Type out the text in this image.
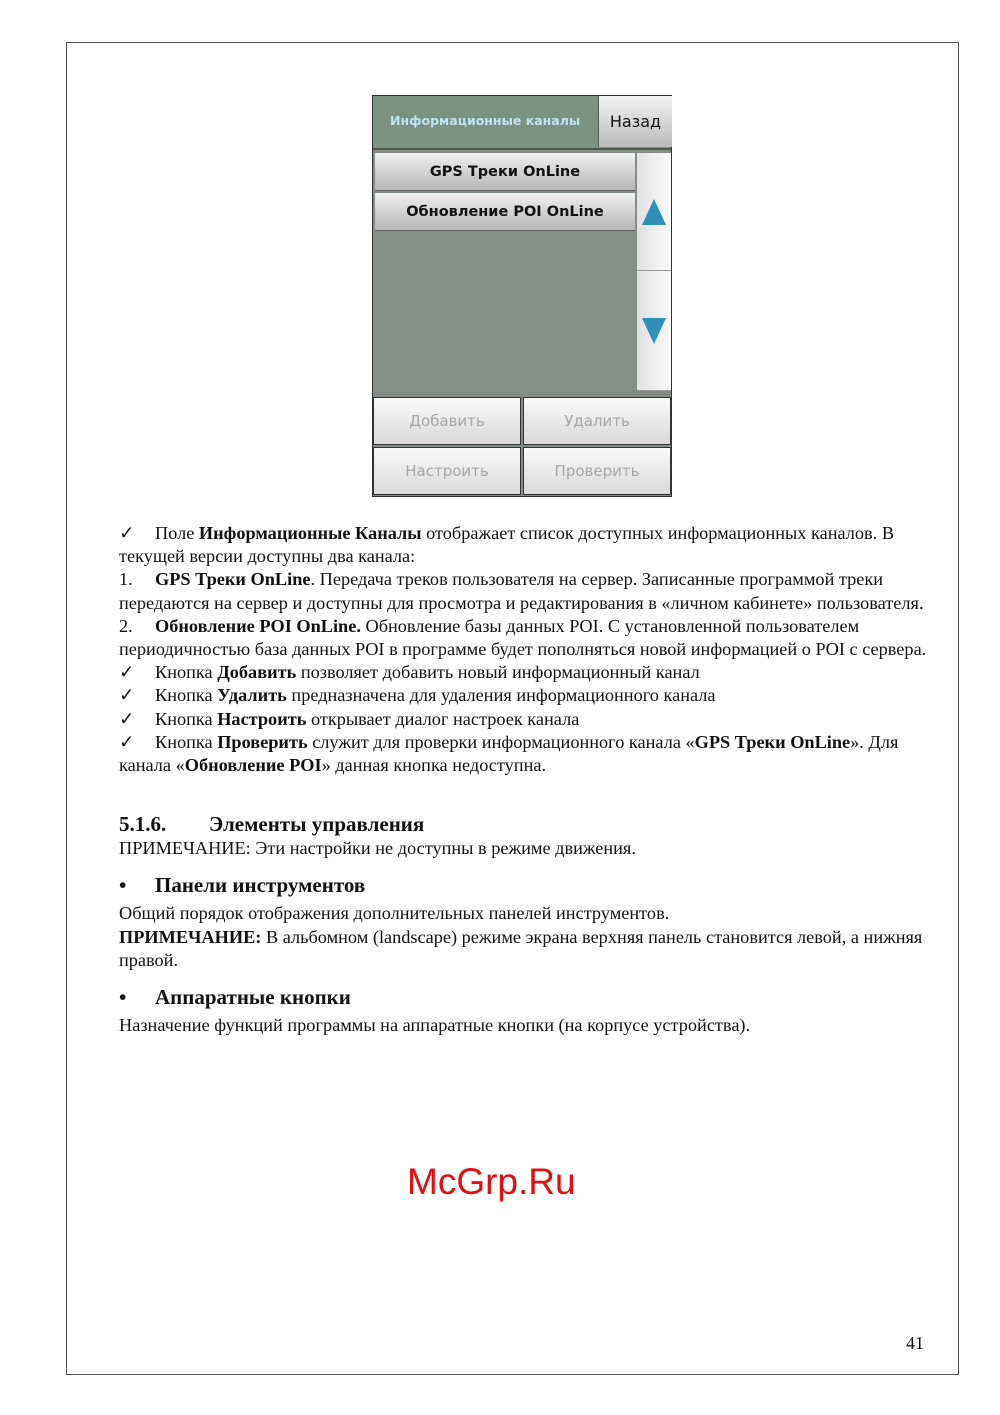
Информационные каналы	Назад
GPS Треки OnLine
Обновление POI OnLine
Добавить	Удалить
Настроить	Проверить

✓ Поле Информационные Каналы отображает список доступных информационных каналов. В текущей версии доступны два канала:

1. GPS Треки OnLine. Передача треков пользователя на сервер. Записанные программой треки передаются на сервер и доступны для просмотра и редактирования в «личном кабинете» пользователя.

2. Обновление POI OnLine. Обновление базы данных POI. С установленной пользователем периодичностью база данных POI в программе будет пополняться новой информацией о POI с сервера.

✓ Кнопка Добавить позволяет добавить новый информационный канал

✓ Кнопка Удалить предназначена для удаления информационного канала

✓ Кнопка Настроить открывает диалог настроек канала

✓ Кнопка Проверить служит для проверки информационного канала «GPS Треки OnLine». Для канала «Обновление POI» данная кнопка недоступна.

5.1.6. Элементы управления
ПРИМЕЧАНИЕ: Эти настройки не доступны в режиме движения.
• Панели инструментов
Общий порядок отображения дополнительных панелей инструментов.
ПРИМЕЧАНИЕ: В альбомном (landscape) режиме экрана верхняя панель становится левой, а нижняя правой.
• Аппаратные кнопки
Назначение функций программы на аппаратные кнопки (на корпусе устройства).
McGrp.Ru
41
